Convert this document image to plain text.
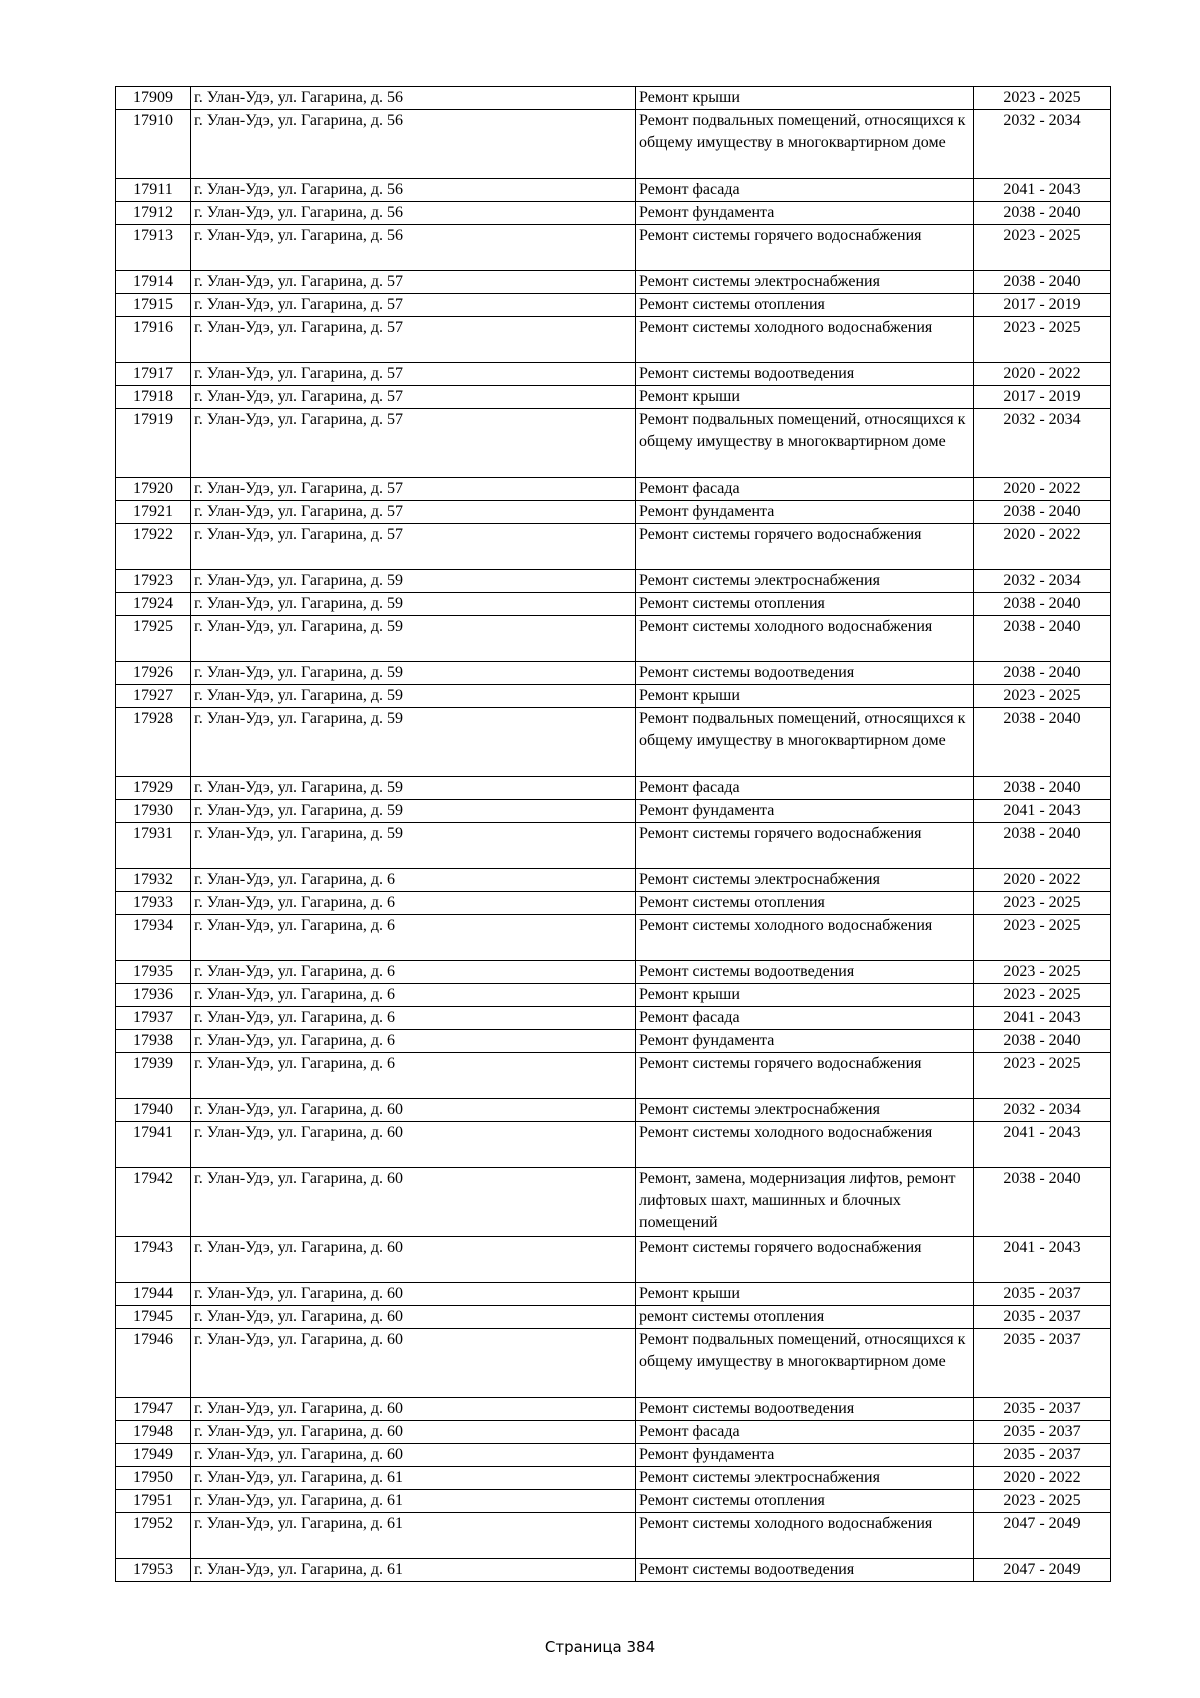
17909	г. Улан-Удэ, ул. Гагарина, д. 56	Ремонт крыши	2023 - 2025
17910	г. Улан-Удэ, ул. Гагарина, д. 56	Ремонт подвальных помещений, относящихся к общему имуществу в многоквартирном доме	2032 - 2034
17911	г. Улан-Удэ, ул. Гагарина, д. 56	Ремонт фасада	2041 - 2043
17912	г. Улан-Удэ, ул. Гагарина, д. 56	Ремонт фундамента	2038 - 2040
17913	г. Улан-Удэ, ул. Гагарина, д. 56	Ремонт системы горячего водоснабжения	2023 - 2025
17914	г. Улан-Удэ, ул. Гагарина, д. 57	Ремонт системы электроснабжения	2038 - 2040
17915	г. Улан-Удэ, ул. Гагарина, д. 57	Ремонт системы отопления	2017 - 2019
17916	г. Улан-Удэ, ул. Гагарина, д. 57	Ремонт системы холодного водоснабжения	2023 - 2025
17917	г. Улан-Удэ, ул. Гагарина, д. 57	Ремонт системы водоотведения	2020 - 2022
17918	г. Улан-Удэ, ул. Гагарина, д. 57	Ремонт крыши	2017 - 2019
17919	г. Улан-Удэ, ул. Гагарина, д. 57	Ремонт подвальных помещений, относящихся к общему имуществу в многоквартирном доме	2032 - 2034
17920	г. Улан-Удэ, ул. Гагарина, д. 57	Ремонт фасада	2020 - 2022
17921	г. Улан-Удэ, ул. Гагарина, д. 57	Ремонт фундамента	2038 - 2040
17922	г. Улан-Удэ, ул. Гагарина, д. 57	Ремонт системы горячего водоснабжения	2020 - 2022
17923	г. Улан-Удэ, ул. Гагарина, д. 59	Ремонт системы электроснабжения	2032 - 2034
17924	г. Улан-Удэ, ул. Гагарина, д. 59	Ремонт системы отопления	2038 - 2040
17925	г. Улан-Удэ, ул. Гагарина, д. 59	Ремонт системы холодного водоснабжения	2038 - 2040
17926	г. Улан-Удэ, ул. Гагарина, д. 59	Ремонт системы водоотведения	2038 - 2040
17927	г. Улан-Удэ, ул. Гагарина, д. 59	Ремонт крыши	2023 - 2025
17928	г. Улан-Удэ, ул. Гагарина, д. 59	Ремонт подвальных помещений, относящихся к общему имуществу в многоквартирном доме	2038 - 2040
17929	г. Улан-Удэ, ул. Гагарина, д. 59	Ремонт фасада	2038 - 2040
17930	г. Улан-Удэ, ул. Гагарина, д. 59	Ремонт фундамента	2041 - 2043
17931	г. Улан-Удэ, ул. Гагарина, д. 59	Ремонт системы горячего водоснабжения	2038 - 2040
17932	г. Улан-Удэ, ул. Гагарина, д. 6	Ремонт системы электроснабжения	2020 - 2022
17933	г. Улан-Удэ, ул. Гагарина, д. 6	Ремонт системы отопления	2023 - 2025
17934	г. Улан-Удэ, ул. Гагарина, д. 6	Ремонт системы холодного водоснабжения	2023 - 2025
17935	г. Улан-Удэ, ул. Гагарина, д. 6	Ремонт системы водоотведения	2023 - 2025
17936	г. Улан-Удэ, ул. Гагарина, д. 6	Ремонт крыши	2023 - 2025
17937	г. Улан-Удэ, ул. Гагарина, д. 6	Ремонт фасада	2041 - 2043
17938	г. Улан-Удэ, ул. Гагарина, д. 6	Ремонт фундамента	2038 - 2040
17939	г. Улан-Удэ, ул. Гагарина, д. 6	Ремонт системы горячего водоснабжения	2023 - 2025
17940	г. Улан-Удэ, ул. Гагарина, д. 60	Ремонт системы электроснабжения	2032 - 2034
17941	г. Улан-Удэ, ул. Гагарина, д. 60	Ремонт системы холодного водоснабжения	2041 - 2043
17942	г. Улан-Удэ, ул. Гагарина, д. 60	Ремонт, замена, модернизация лифтов, ремонт лифтовых шахт, машинных и блочных помещений	2038 - 2040
17943	г. Улан-Удэ, ул. Гагарина, д. 60	Ремонт системы горячего водоснабжения	2041 - 2043
17944	г. Улан-Удэ, ул. Гагарина, д. 60	Ремонт крыши	2035 - 2037
17945	г. Улан-Удэ, ул. Гагарина, д. 60	ремонт системы отопления	2035 - 2037
17946	г. Улан-Удэ, ул. Гагарина, д. 60	Ремонт подвальных помещений, относящихся к общему имуществу в многоквартирном доме	2035 - 2037
17947	г. Улан-Удэ, ул. Гагарина, д. 60	Ремонт системы водоотведения	2035 - 2037
17948	г. Улан-Удэ, ул. Гагарина, д. 60	Ремонт фасада	2035 - 2037
17949	г. Улан-Удэ, ул. Гагарина, д. 60	Ремонт фундамента	2035 - 2037
17950	г. Улан-Удэ, ул. Гагарина, д. 61	Ремонт системы электроснабжения	2020 - 2022
17951	г. Улан-Удэ, ул. Гагарина, д. 61	Ремонт системы отопления	2023 - 2025
17952	г. Улан-Удэ, ул. Гагарина, д. 61	Ремонт системы холодного водоснабжения	2047 - 2049
17953	г. Улан-Удэ, ул. Гагарина, д. 61	Ремонт системы водоотведения	2047 - 2049
Страница 384
